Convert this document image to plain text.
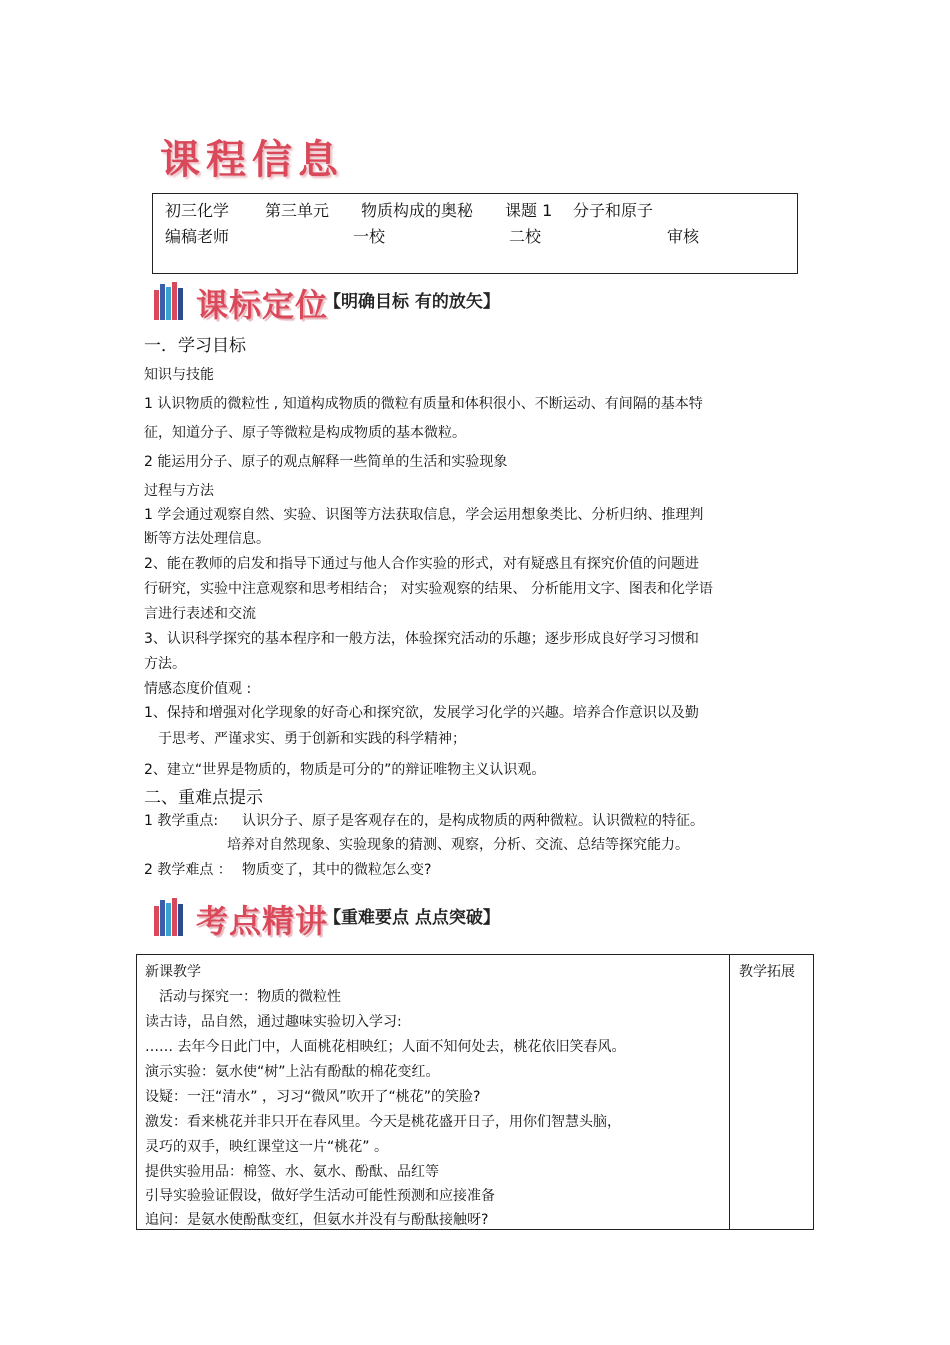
课程信息
初三化学 第三单元 物质构成的奥秘 课题 1 分子和原子
编稿老师	一校	二校	审核
课标定位
【明确目标 有的放矢】
一．学习目标
知识与技能
1 认识物质的微粒性 , 知道构成物质的微粒有质量和体积很小、不断运动、有间隔的基本特
征，知道分子、原子等微粒是构成物质的基本微粒。
2 能运用分子、原子的观点解释一些简单的生活和实验现象
过程与方法
1 学会通过观察自然、实验、识图等方法获取信息，学会运用想象类比、分析归纳、推理判
断等方法处理信息。
2、能在教师的启发和指导下通过与他人合作实验的形式，对有疑惑且有探究价值的问题进
行研究，实验中注意观察和思考相结合； 对实验观察的结果、 分析能用文字、图表和化学语
言进行表述和交流
3、认识科学探究的基本程序和一般方法，体验探究活动的乐趣；逐步形成良好学习习惯和
方法。
情感态度价值观 :
1、保持和增强对化学现象的好奇心和探究欲，发展学习化学的兴趣。培养合作意识以及勤
于思考、严谨求实、勇于创新和实践的科学精神；
2、建立“世界是物质的，物质是可分的”的辩证唯物主义认识观。
二、重难点提示
1 教学重点: 认识分子、原子是客观存在的，是构成物质的两种微粒。认识微粒的特征。
培养对自然现象、实验现象的猜测、观察，分析、交流、总结等探究能力。
2 教学难点 ： 物质变了，其中的微粒怎么变?
考点精讲
【重难要点 点点突破】
新课教学	教学拓展
活动与探究一：物质的微粒性
读古诗，品自然，通过趣味实验切入学习:
…… 去年今日此门中，人面桃花相映红；人面不知何处去，桃花依旧笑春风。
演示实验：氨水使“树”上沾有酚酞的棉花变红。
设疑：一汪“清水” ，习习“微风”吹开了“桃花”的笑脸?
激发：看来桃花并非只开在春风里。今天是桃花盛开日子，用你们智慧头脑，
灵巧的双手，映红课堂这一片“桃花” 。
提供实验用品：棉签、水、氨水、酚酞、品红等
引导实验验证假设，做好学生活动可能性预测和应接准备
追问：是氨水使酚酞变红，但氨水并没有与酚酞接触呀?
